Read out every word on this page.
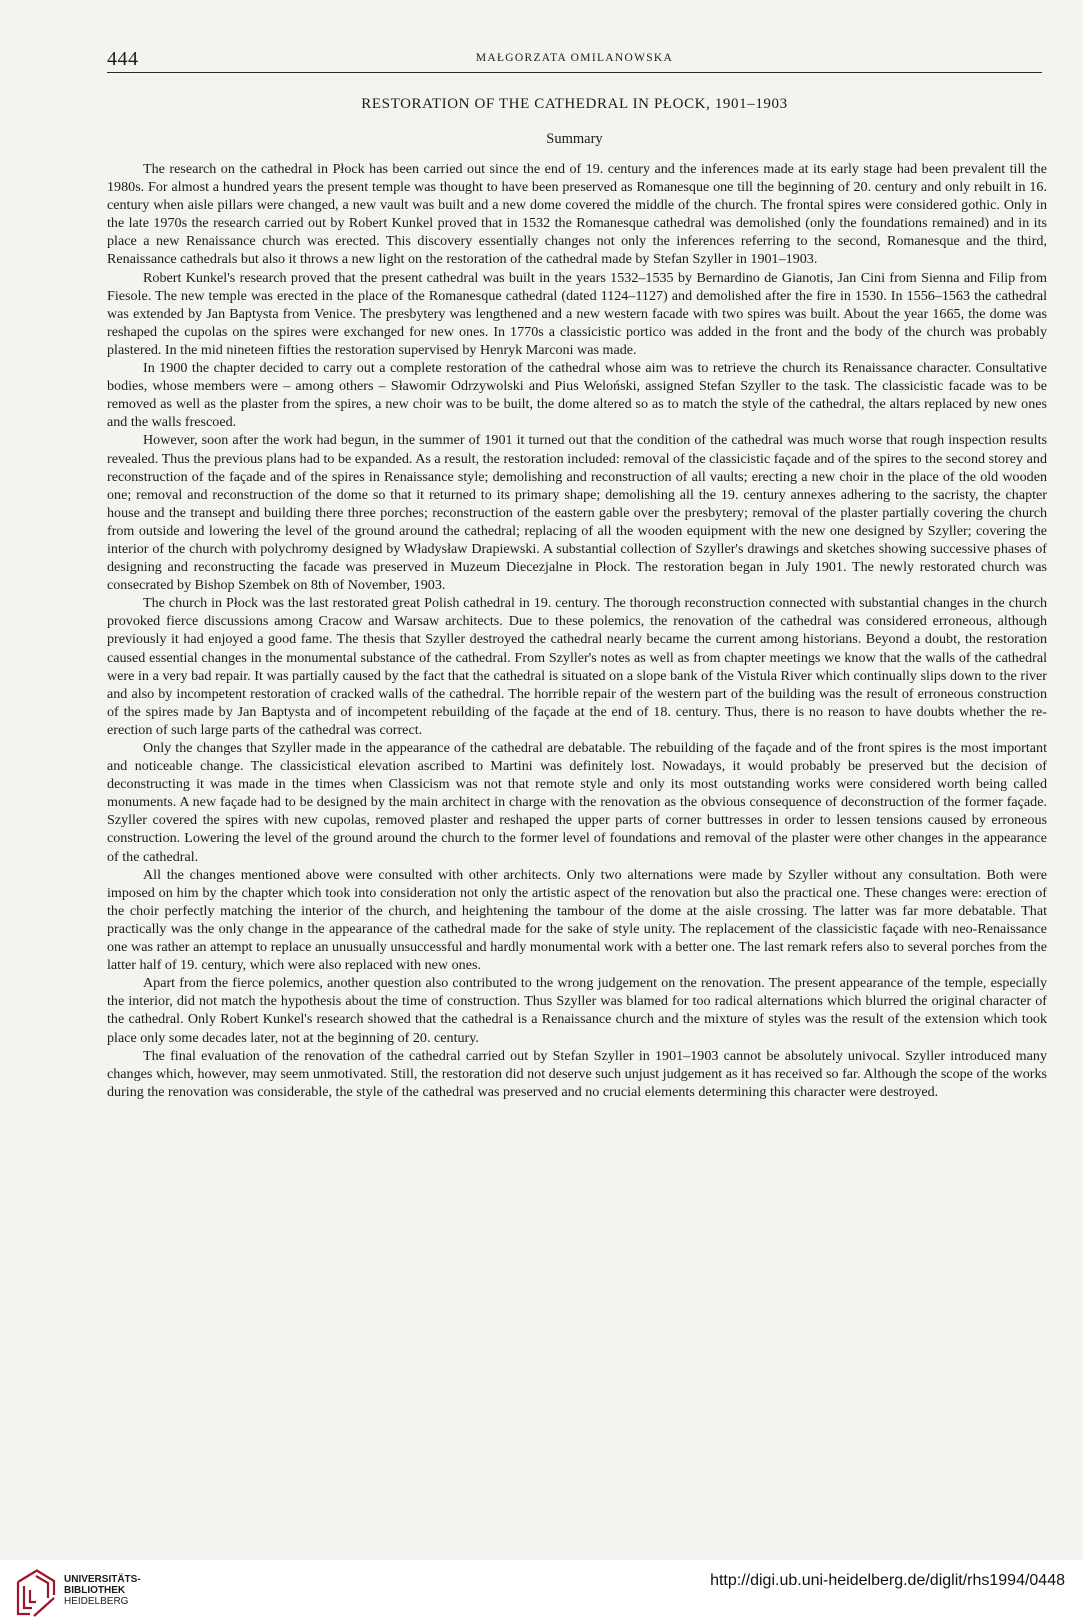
444	MAŁGORZATA OMILANOWSKA
RESTORATION OF THE CATHEDRAL IN PŁOCK, 1901–1903
Summary

The research on the cathedral in Płock has been carried out since the end of 19. century and the inferences made at its early stage had been prevalent till the 1980s. For almost a hundred years the present temple was thought to have been preserved as Romanesque one till the beginning of 20. century and only rebuilt in 16. century when aisle pillars were changed, a new vault was built and a new dome covered the middle of the church. The frontal spires were considered gothic. Only in the late 1970s the research carried out by Robert Kunkel proved that in 1532 the Romanesque cathedral was demolished (only the foundations remained) and in its place a new Renaissance church was erected. This discovery essentially changes not only the inferences referring to the second, Romanesque and the third, Renaissance cathedrals but also it throws a new light on the restoration of the cathedral made by Stefan Szyller in 1901–1903.

Robert Kunkel's research proved that the present cathedral was built in the years 1532–1535 by Bernardino de Gianotis, Jan Cini from Sienna and Filip from Fiesole. The new temple was erected in the place of the Romanesque cathedral (dated 1124–1127) and demolished after the fire in 1530. In 1556–1563 the cathedral was extended by Jan Baptysta from Venice. The presbytery was lengthened and a new western facade with two spires was built. About the year 1665, the dome was reshaped the cupolas on the spires were exchanged for new ones. In 1770s a classicistic portico was added in the front and the body of the church was probably plastered. In the mid nineteen fifties the restoration supervised by Henryk Marconi was made.

In 1900 the chapter decided to carry out a complete restoration of the cathedral whose aim was to retrieve the church its Renaissance character. Consultative bodies, whose members were – among others – Sławomir Odrzywolski and Pius Weloński, assigned Stefan Szyller to the task. The classicistic facade was to be removed as well as the plaster from the spires, a new choir was to be built, the dome altered so as to match the style of the cathedral, the altars replaced by new ones and the walls frescoed.

However, soon after the work had begun, in the summer of 1901 it turned out that the condition of the cathedral was much worse that rough inspection results revealed. Thus the previous plans had to be expanded. As a result, the restoration included: removal of the classicistic façade and of the spires to the second storey and reconstruction of the façade and of the spires in Renaissance style; demolishing and reconstruction of all vaults; erecting a new choir in the place of the old wooden one; removal and reconstruction of the dome so that it returned to its primary shape; demolishing all the 19. century annexes adhering to the sacristy, the chapter house and the transept and building there three porches; reconstruction of the eastern gable over the presbytery; removal of the plaster partially covering the church from outside and lowering the level of the ground around the cathedral; replacing of all the wooden equipment with the new one designed by Szyller; covering the interior of the church with polychromy designed by Władysław Drapiewski. A substantial collection of Szyller's drawings and sketches showing successive phases of designing and reconstructing the facade was preserved in Muzeum Diecezjalne in Płock. The restoration began in July 1901. The newly restorated church was consecrated by Bishop Szembek on 8th of November, 1903.

The church in Płock was the last restorated great Polish cathedral in 19. century. The thorough reconstruction connected with substantial changes in the church provoked fierce discussions among Cracow and Warsaw architects. Due to these polemics, the renovation of the cathedral was considered erroneous, although previously it had enjoyed a good fame. The thesis that Szyller destroyed the cathedral nearly became the current among historians. Beyond a doubt, the restoration caused essential changes in the monumental substance of the cathedral. From Szyller's notes as well as from chapter meetings we know that the walls of the cathedral were in a very bad repair. It was partially caused by the fact that the cathedral is situated on a slope bank of the Vistula River which continually slips down to the river and also by incompetent restoration of cracked walls of the cathedral. The horrible repair of the western part of the building was the result of erroneous construction of the spires made by Jan Baptysta and of incompetent rebuilding of the façade at the end of 18. century. Thus, there is no reason to have doubts whether the re-erection of such large parts of the cathedral was correct.

Only the changes that Szyller made in the appearance of the cathedral are debatable. The rebuilding of the façade and of the front spires is the most important and noticeable change. The classicistical elevation ascribed to Martini was definitely lost. Nowadays, it would probably be preserved but the decision of deconstructing it was made in the times when Classicism was not that remote style and only its most outstanding works were considered worth being called monuments. A new façade had to be designed by the main architect in charge with the renovation as the obvious consequence of deconstruction of the former façade. Szyller covered the spires with new cupolas, removed plaster and reshaped the upper parts of corner buttresses in order to lessen tensions caused by erroneous construction. Lowering the level of the ground around the church to the former level of foundations and removal of the plaster were other changes in the appearance of the cathedral.

All the changes mentioned above were consulted with other architects. Only two alternations were made by Szyller without any consultation. Both were imposed on him by the chapter which took into consideration not only the artistic aspect of the renovation but also the practical one. These changes were: erection of the choir perfectly matching the interior of the church, and heightening the tambour of the dome at the aisle crossing. The latter was far more debatable. That practically was the only change in the appearance of the cathedral made for the sake of style unity. The replacement of the classicistic façade with neo-Renaissance one was rather an attempt to replace an unusually unsuccessful and hardly monumental work with a better one. The last remark refers also to several porches from the latter half of 19. century, which were also replaced with new ones.

Apart from the fierce polemics, another question also contributed to the wrong judgement on the renovation. The present appearance of the temple, especially the interior, did not match the hypothesis about the time of construction. Thus Szyller was blamed for too radical alternations which blurred the original character of the cathedral. Only Robert Kunkel's research showed that the cathedral is a Renaissance church and the mixture of styles was the result of the extension which took place only some decades later, not at the beginning of 20. century.

The final evaluation of the renovation of the cathedral carried out by Stefan Szyller in 1901–1903 cannot be absolutely univocal. Szyller introduced many changes which, however, may seem unmotivated. Still, the restoration did not deserve such unjust judgement as it has received so far. Although the scope of the works during the renovation was considerable, the style of the cathedral was preserved and no crucial elements determining this character were destroyed.

UNIVERSITÄTS-
BIBLIOTHEK
HEIDELBERG
http://digi.ub.uni-heidelberg.de/diglit/rhs1994/0448
